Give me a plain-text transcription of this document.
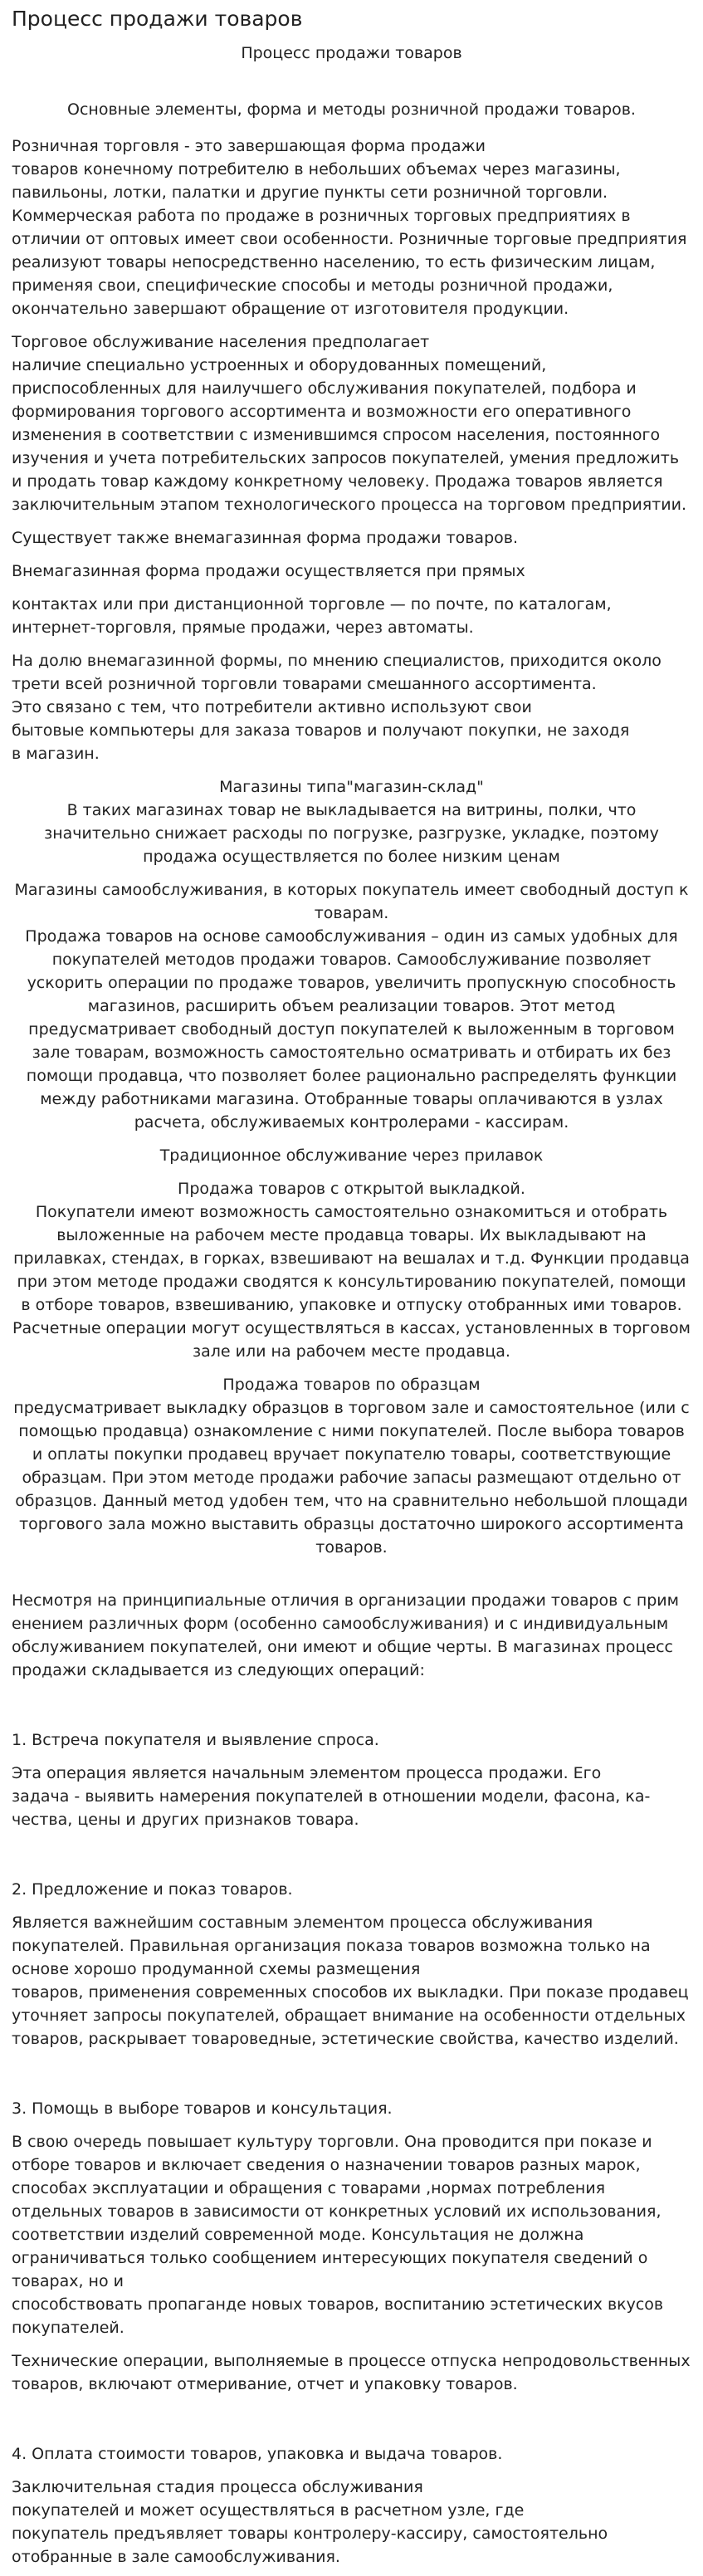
Процесс продажи товаров
Процесс продажи товаров
Основные элементы, форма и методы розничной продажи товаров.
Розничная торговля - это завершающая форма продажи
товаров конечному потребителю в небольших объемах через магазины, павильоны, лотки, палатки и другие пункты сети розничной торговли. Коммерческая работа по продаже в розничных торговых предприятиях в отличии от оптовых имеет свои особенности. Розничные торговые предприятия реализуют товары непосредственно населению, то есть физическим лицам, применяя свои, специфические способы и методы розничной продажи, окончательно завершают обращение от изготовителя продукции.
Торговое обслуживание населения предполагает
наличие специально устроенных и оборудованных помещений, приспособленных для наилучшего обслуживания покупателей, подбора и формирования торгового ассортимента и возможности его оперативного изменения в соответствии с изменившимся спросом населения, постоянного изучения и учета потребительских запросов покупателей, умения предложить и продать товар каждому конкретному человеку. Продажа товаров является заключительным этапом технологического процесса на торговом предприятии.
Существует также внемагазинная форма продажи товаров.
Внемагазинная форма продажи осуществляется при прямых
контактах или при дистанционной торговле — по почте, по каталогам, интернет-торговля, прямые продажи, через автоматы.
На долю внемагазинной формы, по мнению специалистов, приходится около трети всей розничной торговли товарами смешанного ассортимента.
Это связано с тем, что потребители активно используют свои
бытовые компьютеры для заказа товаров и получают покупки, не заходя
в магазин.
Магазины типа"магазин-склад"
В таких магазинах товар не выкладывается на витрины, полки, что значительно снижает расходы по погрузке, разгрузке, укладке, поэтому продажа осуществляется по более низким ценам
Магазины самообслуживания, в которых покупатель имеет свободный доступ к товарам.
Продажа товаров на основе самообслуживания – один из самых удобных для покупателей методов продажи товаров. Самообслуживание позволяет ускорить операции по продаже товаров, увеличить пропускную способность магазинов, расширить объем реализации товаров. Этот метод предусматривает свободный доступ покупателей к выложенным в торговом зале товарам, возможность самостоятельно осматривать и отбирать их без помощи продавца, что позволяет более рационально распределять функции между работниками магазина. Отобранные товары оплачиваются в узлах расчета, обслуживаемых контролерами - кассирам.
Традиционное обслуживание через прилавок
Продажа товаров с открытой выкладкой.
Покупатели имеют возможность самостоятельно ознакомиться и отобрать выложенные на рабочем месте продавца товары. Их выкладывают на прилавках, стендах, в горках, взвешивают на вешалах и т.д. Функции продавца при этом методе продажи сводятся к консультированию покупателей, помощи в отборе товаров, взвешиванию, упаковке и отпуску отобранных ими товаров. Расчетные операции могут осуществляться в кассах, установленных в торговом зале или на рабочем месте продавца.
Продажа товаров по образцам
предусматривает выкладку образцов в торговом зале и самостоятельное (или с помощью продавца) ознакомление с ними покупателей. После выбора товаров и оплаты покупки продавец вручает покупателю товары, соответствующие образцам. При этом методе продажи рабочие запасы размещают отдельно от образцов. Данный метод удобен тем, что на сравнительно небольшой площади торгового зала можно выставить образцы достаточно широкого ассортимента товаров.
Несмотря на принципиальные отличия в организации продажи товаров с прим
енением различных форм (особенно самообслуживания) и с индивидуальным обслуживанием покупателей, они имеют и общие черты. В магазинах процесс продажи складывается из следующих операций:
1. Встреча покупателя и выявление спроса.
Эта операция является начальным элементом процесса продажи. Его
задача - выявить намерения покупателей в отношении модели, фасона, ка-
чества, цены и других признаков товара.
2. Предложение и показ товаров.
Является важнейшим составным элементом процесса обслуживания
покупателей. Правильная организация показа товаров возможна только на основе хорошо продуманной схемы размещения
товаров, применения современных способов их выкладки. При показе продавец уточняет запросы покупателей, обращает внимание на особенности отдельных
товаров, раскрывает товароведные, эстетические свойства, качество изделий.
3. Помощь в выборе товаров и консультация.
В свою очередь повышает культуру торговли. Она проводится при показе и отборе товаров и включает сведения о назначении товаров разных марок, способах эксплуатации и обращения с товарами ,нормах потребления отдельных товаров в зависимости от конкретных условий их использования, соответствии изделий современной моде. Консультация не должна ограничиваться только сообщением интересующих покупателя сведений о товарах, но и
способствовать пропаганде новых товаров, воспитанию эстетических вкусов покупателей.
Технические операции, выполняемые в процессе отпуска непродовольственных товаров, включают отмеривание, отчет и упаковку товаров.
4. Оплата стоимости товаров, упаковка и выдача товаров.
Заключительная стадия процесса обслуживания
покупателей и может осуществляться в расчетном узле, где
покупатель предъявляет товары контролеру-кассиру, самостоятельно отобранные в зале самообслуживания.
